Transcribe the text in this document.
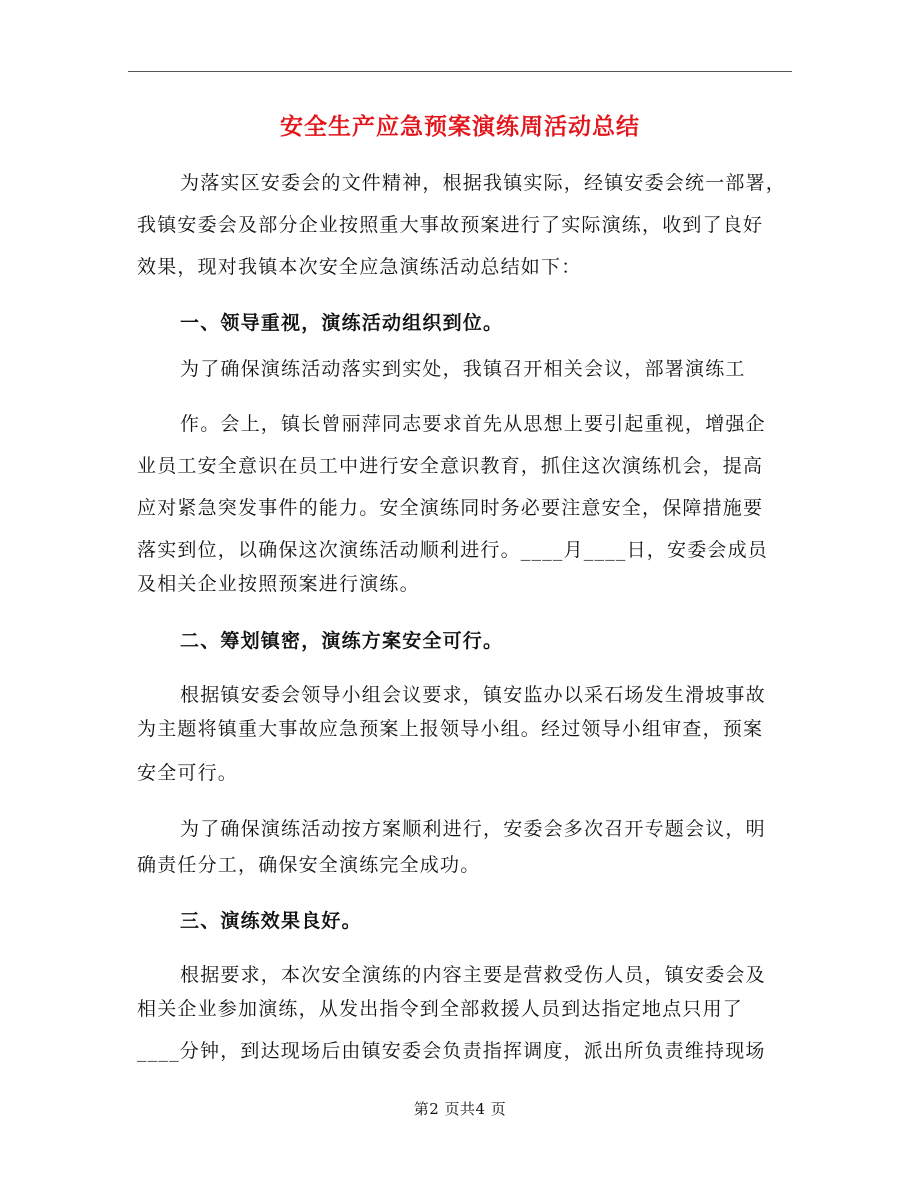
安全生产应急预案演练周活动总结
为落实区安委会的文件精神，根据我镇实际，经镇安委会统一部署，
我镇安委会及部分企业按照重大事故预案进行了实际演练，收到了良好
效果，现对我镇本次安全应急演练活动总结如下：
一、领导重视，演练活动组织到位。
为了确保演练活动落实到实处，我镇召开相关会议，部署演练工
作。会上，镇长曾丽萍同志要求首先从思想上要引起重视，增强企
业员工安全意识在员工中进行安全意识教育，抓住这次演练机会，提高
应对紧急突发事件的能力。安全演练同时务必要注意安全，保障措施要
落实到位，以确保这次演练活动顺利进行。____月____日，安委会成员
及相关企业按照预案进行演练。
二、筹划镇密，演练方案安全可行。
根据镇安委会领导小组会议要求，镇安监办以采石场发生滑坡事故
为主题将镇重大事故应急预案上报领导小组。经过领导小组审查，预案
安全可行。
为了确保演练活动按方案顺利进行，安委会多次召开专题会议，明
确责任分工，确保安全演练完全成功。
三、演练效果良好。
根据要求，本次安全演练的内容主要是营救受伤人员，镇安委会及
相关企业参加演练，从发出指令到全部救援人员到达指定地点只用了
____分钟，到达现场后由镇安委会负责指挥调度，派出所负责维持现场
第2 页共4 页
